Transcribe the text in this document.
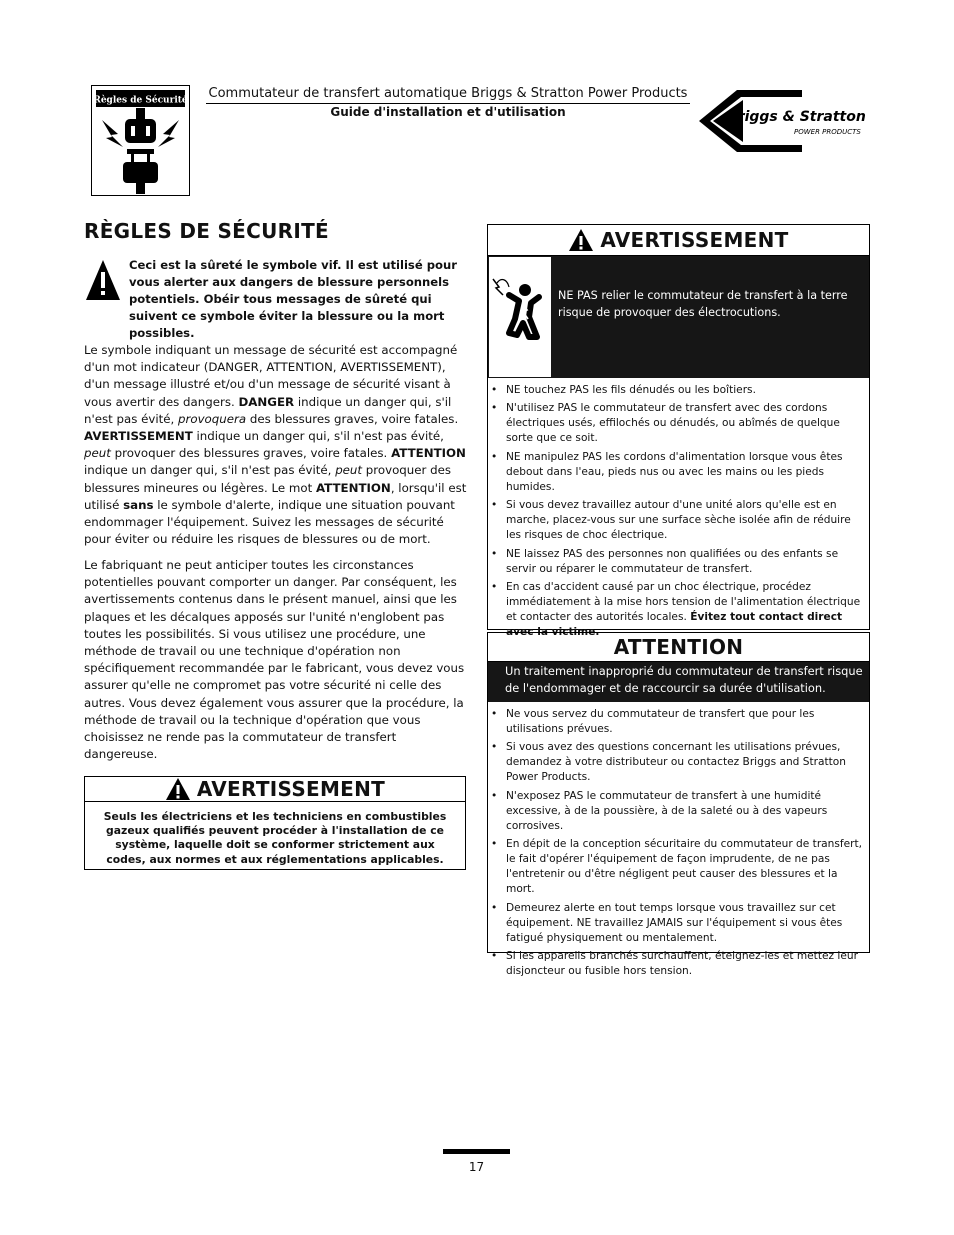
Règles de Sécurité Commutateur de transfert automatique Briggs & Stratton Power Products
Guide d'installation et d'utilisation	Briggs & Stratton
POWER PRODUCTS
RÈGLES DE SÉCURITÉ
Ceci est la sûreté le symbole vif. Il est utilisé pour vous alerter aux dangers de blessure personnels potentiels. Obéir tous messages de sûreté qui suivent ce symbole éviter la blessure ou la mort possibles.
Le symbole indiquant un message de sécurité est accompagné d'un mot indicateur (DANGER, ATTENTION, AVERTISSEMENT), d'un message illustré et/ou d'un message de sécurité visant à vous avertir des dangers. DANGER indique un danger qui, s'il n'est pas évité, provoquera des blessures graves, voire fatales. AVERTISSEMENT indique un danger qui, s'il n'est pas évité, peut provoquer des blessures graves, voire fatales. ATTENTION indique un danger qui, s'il n'est pas évité, peut provoquer des blessures mineures ou légères. Le mot ATTENTION, lorsqu'il est utilisé sans le symbole d'alerte, indique une situation pouvant endommager l'équipement. Suivez les messages de sécurité pour éviter ou réduire les risques de blessures ou de mort.
Le fabriquant ne peut anticiper toutes les circonstances potentielles pouvant comporter un danger. Par conséquent, les avertissements contenus dans le présent manuel, ainsi que les plaques et les décalques apposés sur l'unité n'englobent pas toutes les possibilités. Si vous utilisez une procédure, une méthode de travail ou une technique d'opération non spécifiquement recommandée par le fabricant, vous devez vous assurer qu'elle ne compromet pas votre sécurité ni celle des autres. Vous devez également vous assurer que la procédure, la méthode de travail ou la technique d'opération que vous choisissez ne rende pas la commutateur de transfert dangereuse.
AVERTISSEMENT
Seuls les électriciens et les techniciens en combustibles gazeux qualifiés peuvent procéder à l'installation de ce système, laquelle doit se conformer strictement aux codes, aux normes et aux réglementations applicables.
AVERTISSEMENT
NE PAS relier le commutateur de transfert à la terre risque de provoquer des électrocutions.
• NE touchez PAS les fils dénudés ou les boîtiers.
• N'utilisez PAS le commutateur de transfert avec des cordons électriques usés, effilochés ou dénudés, ou abîmés de quelque sorte que ce soit.
• NE manipulez PAS les cordons d'alimentation lorsque vous êtes debout dans l'eau, pieds nus ou avec les mains ou les pieds humides.
• Si vous devez travaillez autour d'une unité alors qu'elle est en marche, placez-vous sur une surface sèche isolée afin de réduire les risques de choc électrique.
• NE laissez PAS des personnes non qualifiées ou des enfants se servir ou réparer le commutateur de transfert.
• En cas d'accident causé par un choc électrique, procédez immédiatement à la mise hors tension de l'alimentation électrique et contacter des autorités locales. Évitez tout contact direct avec la victime.
ATTENTION
Un traitement inapproprié du commutateur de transfert risque de l'endommager et de raccourcir sa durée d'utilisation.
• Ne vous servez du commutateur de transfert que pour les utilisations prévues.
• Si vous avez des questions concernant les utilisations prévues, demandez à votre distributeur ou contactez Briggs and Stratton Power Products.
• N'exposez PAS le commutateur de transfert à une humidité excessive, à de la poussière, à de la saleté ou à des vapeurs corrosives.
• En dépit de la conception sécuritaire du commutateur de transfert, le fait d'opérer l'équipement de façon imprudente, de ne pas l'entretenir ou d'être négligent peut causer des blessures et la mort.
• Demeurez alerte en tout temps lorsque vous travaillez sur cet équipement. NE travaillez JAMAIS sur l'équipement si vous êtes fatigué physiquement ou mentalement.
• Si les appareils branchés surchauffent, éteignez-les et mettez leur disjoncteur ou fusible hors tension.
17
